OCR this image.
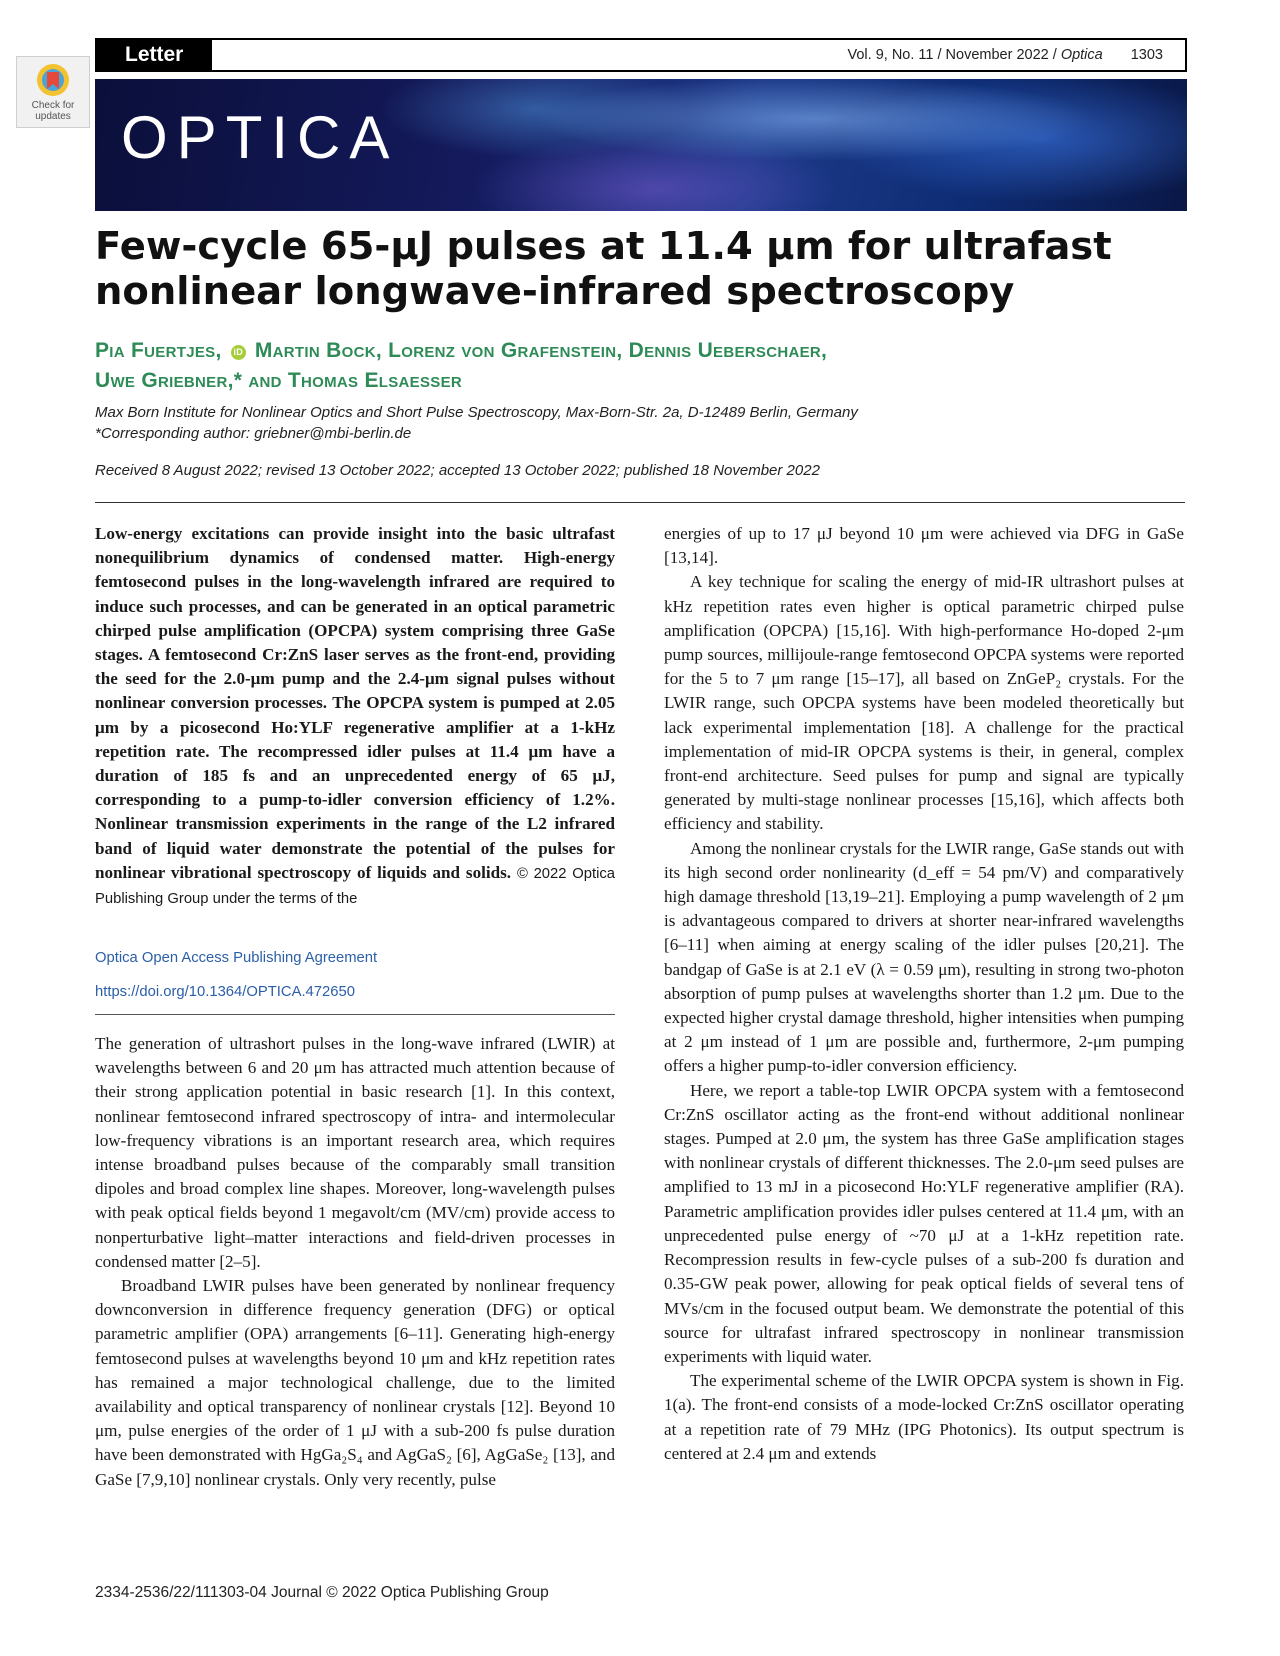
Check for updates
Letter	Vol. 9, No. 11 / November 2022 / Optica 1303
OPTICA
Few-cycle 65-μJ pulses at 11.4 μm for ultrafast nonlinear longwave-infrared spectroscopy
Pia Fuertjes, iD Martin Bock, Lorenz von Grafenstein, Dennis Ueberschaer,
Uwe Griebner,* and Thomas Elsaesser
Max Born Institute for Nonlinear Optics and Short Pulse Spectroscopy, Max-Born-Str. 2a, D-12489 Berlin, Germany
*Corresponding author: griebner@mbi-berlin.de
Received 8 August 2022; revised 13 October 2022; accepted 13 October 2022; published 18 November 2022

Low-energy excitations can provide insight into the basic ultrafast nonequilibrium dynamics of condensed matter. High-energy femtosecond pulses in the long-wavelength infrared are required to induce such processes, and can be generated in an optical parametric chirped pulse amplification (OPCPA) system comprising three GaSe stages. A femtosecond Cr:ZnS laser serves as the front-end, providing the seed for the 2.0-μm pump and the 2.4-μm signal pulses without nonlinear conversion processes. The OPCPA system is pumped at 2.05 μm by a picosecond Ho:YLF regenerative amplifier at a 1-kHz repetition rate. The recompressed idler pulses at 11.4 μm have a duration of 185 fs and an unprecedented energy of 65 μJ, corresponding to a pump-to-idler conversion efficiency of 1.2%. Nonlinear transmission experiments in the range of the L2 infrared band of liquid water demonstrate the potential of the pulses for nonlinear vibrational spectroscopy of liquids and solids. © 2022 Optica Publishing Group under the terms of the

Optica Open Access Publishing Agreement
https://doi.org/10.1364/OPTICA.472650

The generation of ultrashort pulses in the long-wave infrared (LWIR) at wavelengths between 6 and 20 μm has attracted much attention because of their strong application potential in basic research [1]. In this context, nonlinear femtosecond infrared spectroscopy of intra- and intermolecular low-frequency vibrations is an important research area, which requires intense broadband pulses because of the comparably small transition dipoles and broad complex line shapes. Moreover, long-wavelength pulses with peak optical fields beyond 1 megavolt/cm (MV/cm) provide access to nonperturbative light–matter interactions and field-driven processes in condensed matter [2–5].

Broadband LWIR pulses have been generated by nonlinear frequency downconversion in difference frequency generation (DFG) or optical parametric amplifier (OPA) arrangements [6–11]. Generating high-energy femtosecond pulses at wavelengths beyond 10 μm and kHz repetition rates has remained a major technological challenge, due to the limited availability and optical transparency of nonlinear crystals [12]. Beyond 10 μm, pulse energies of the order of 1 μJ with a sub-200 fs pulse duration have been demonstrated with HgGa₂S₄ and AgGaS₂ [6], AgGaSe₂ [13], and GaSe [7,9,10] nonlinear crystals. Only very recently, pulse

energies of up to 17 μJ beyond 10 μm were achieved via DFG in GaSe [13,14].

A key technique for scaling the energy of mid-IR ultrashort pulses at kHz repetition rates even higher is optical parametric chirped pulse amplification (OPCPA) [15,16]. With high-performance Ho-doped 2-μm pump sources, millijoule-range femtosecond OPCPA systems were reported for the 5 to 7 μm range [15–17], all based on ZnGeP₂ crystals. For the LWIR range, such OPCPA systems have been modeled theoretically but lack experimental implementation [18]. A challenge for the practical implementation of mid-IR OPCPA systems is their, in general, complex front-end architecture. Seed pulses for pump and signal are typically generated by multi-stage nonlinear processes [15,16], which affects both efficiency and stability.

Among the nonlinear crystals for the LWIR range, GaSe stands out with its high second order nonlinearity (d_eff = 54 pm/V) and comparatively high damage threshold [13,19–21]. Employing a pump wavelength of 2 μm is advantageous compared to drivers at shorter near-infrared wavelengths [6–11] when aiming at energy scaling of the idler pulses [20,21]. The bandgap of GaSe is at 2.1 eV (λ = 0.59 μm), resulting in strong two-photon absorption of pump pulses at wavelengths shorter than 1.2 μm. Due to the expected higher crystal damage threshold, higher intensities when pumping at 2 μm instead of 1 μm are possible and, furthermore, 2-μm pumping offers a higher pump-to-idler conversion efficiency.

Here, we report a table-top LWIR OPCPA system with a femtosecond Cr:ZnS oscillator acting as the front-end without additional nonlinear stages. Pumped at 2.0 μm, the system has three GaSe amplification stages with nonlinear crystals of different thicknesses. The 2.0-μm seed pulses are amplified to 13 mJ in a picosecond Ho:YLF regenerative amplifier (RA). Parametric amplification provides idler pulses centered at 11.4 μm, with an unprecedented pulse energy of ~70 μJ at a 1-kHz repetition rate. Recompression results in few-cycle pulses of a sub-200 fs duration and 0.35-GW peak power, allowing for peak optical fields of several tens of MVs/cm in the focused output beam. We demonstrate the potential of this source for ultrafast infrared spectroscopy in nonlinear transmission experiments with liquid water.

The experimental scheme of the LWIR OPCPA system is shown in Fig. 1(a). The front-end consists of a mode-locked Cr:ZnS oscillator operating at a repetition rate of 79 MHz (IPG Photonics). Its output spectrum is centered at 2.4 μm and extends

2334-2536/22/111303-04 Journal © 2022 Optica Publishing Group
